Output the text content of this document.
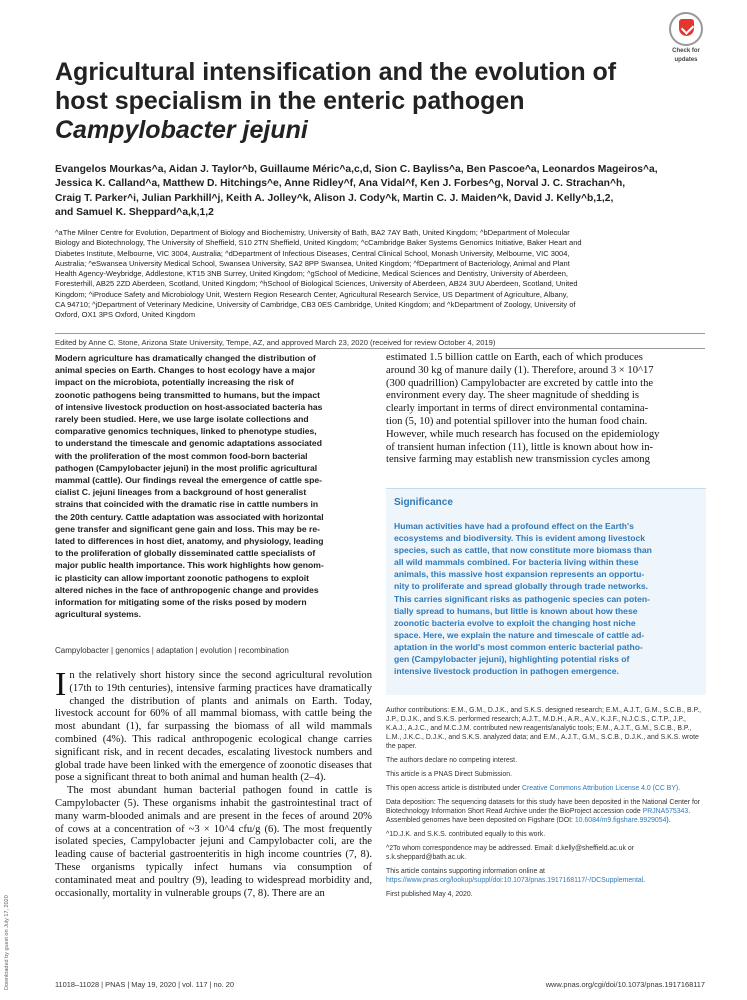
Downloaded by guest on July 17, 2020
Check for
updates
Agricultural intensification and the evolution of
host specialism in the enteric pathogen
Campylobacter jejuni
Evangelos Mourkas^a, Aidan J. Taylor^b, Guillaume Méric^a,c,d, Sion C. Bayliss^a, Ben Pascoe^a, Leonardos Mageiros^a,
Jessica K. Calland^a, Matthew D. Hitchings^e, Anne Ridley^f, Ana Vidal^f, Ken J. Forbes^g, Norval J. C. Strachan^h,
Craig T. Parker^i, Julian Parkhill^j, Keith A. Jolley^k, Alison J. Cody^k, Martin C. J. Maiden^k, David J. Kelly^b,1,2,
and Samuel K. Sheppard^a,k,1,2
^aThe Milner Centre for Evolution, Department of Biology and Biochemistry, University of Bath, BA2 7AY Bath, United Kingdom; ^bDepartment of Molecular
Biology and Biotechnology, The University of Sheffield, S10 2TN Sheffield, United Kingdom; ^cCambridge Baker Systems Genomics Initiative, Baker Heart and
Diabetes Institute, Melbourne, VIC 3004, Australia; ^dDepartment of Infectious Diseases, Central Clinical School, Monash University, Melbourne, VIC 3004,
Australia; ^eSwansea University Medical School, Swansea University, SA2 8PP Swansea, United Kingdom; ^fDepartment of Bacteriology, Animal and Plant
Health Agency-Weybridge, Addlestone, KT15 3NB Surrey, United Kingdom; ^gSchool of Medicine, Medical Sciences and Dentistry, University of Aberdeen,
Foresterhill, AB25 2ZD Aberdeen, Scotland, United Kingdom; ^hSchool of Biological Sciences, University of Aberdeen, AB24 3UU Aberdeen, Scotland, United
Kingdom; ^iProduce Safety and Microbiology Unit, Western Region Research Center, Agricultural Research Service, US Department of Agriculture, Albany,
CA 94710; ^jDepartment of Veterinary Medicine, University of Cambridge, CB3 0ES Cambridge, United Kingdom; and ^kDepartment of Zoology, University of
Oxford, OX1 3PS Oxford, United Kingdom
Edited by Anne C. Stone, Arizona State University, Tempe, AZ, and approved March 23, 2020 (received for review October 4, 2019)
Modern agriculture has dramatically changed the distribution of
animal species on Earth. Changes to host ecology have a major
impact on the microbiota, potentially increasing the risk of
zoonotic pathogens being transmitted to humans, but the impact
of intensive livestock production on host-associated bacteria has
rarely been studied. Here, we use large isolate collections and
comparative genomics techniques, linked to phenotype studies,
to understand the timescale and genomic adaptations associated
with the proliferation of the most common food-born bacterial
pathogen (Campylobacter jejuni) in the most prolific agricultural
mammal (cattle). Our findings reveal the emergence of cattle spe-
cialist C. jejuni lineages from a background of host generalist
strains that coincided with the dramatic rise in cattle numbers in
the 20th century. Cattle adaptation was associated with horizontal
gene transfer and significant gene gain and loss. This may be re-
lated to differences in host diet, anatomy, and physiology, leading
to the proliferation of globally disseminated cattle specialists of
major public health importance. This work highlights how genom-
ic plasticity can allow important zoonotic pathogens to exploit
altered niches in the face of anthropogenic change and provides
information for mitigating some of the risks posed by modern
agricultural systems.
Campylobacter | genomics | adaptation | evolution | recombination

In the relatively short history since the second agricultural revolution (17th to 19th centuries), intensive farming practices have dramatically changed the distribution of plants and animals on Earth. Today, livestock account for 60% of all mammal biomass, with cattle being the most abundant (1), far surpassing the biomass of all wild mammals combined (4%). This radical anthropogenic ecological change carries significant risk, and in recent decades, escalating livestock numbers and global trade have been linked with the emergence of zoonotic diseases that pose a significant threat to both animal and human health (2–4).

The most abundant human bacterial pathogen found in cattle is Campylobacter (5). These organisms inhabit the gastrointestinal tract of many warm-blooded animals and are present in the feces of around 20% of cows at a concentration of ~3 × 10^4 cfu/g (6). The most frequently isolated species, Campylobacter jejuni and Campylobacter coli, are the leading cause of bacterial gastroenteritis in high income countries (7, 8). These organisms typically infect humans via consumption of contaminated meat and poultry (9), leading to widespread morbidity and, occasionally, mortality in vulnerable groups (7, 8). There are an

estimated 1.5 billion cattle on Earth, each of which produces
around 30 kg of manure daily (1). Therefore, around 3 × 10^17
(300 quadrillion) Campylobacter are excreted by cattle into the
environment every day. The sheer magnitude of shedding is
clearly important in terms of direct environmental contamina-
tion (5, 10) and potential spillover into the human food chain.
However, while much research has focused on the epidemiology
of transient human infection (11), little is known about how in-
tensive farming may establish new transmission cycles among
Significance

Human activities have had a profound effect on the Earth's

ecosystems and biodiversity. This is evident among livestock

species, such as cattle, that now constitute more biomass than

all wild mammals combined. For bacteria living within these

animals, this massive host expansion represents an opportu-

nity to proliferate and spread globally through trade networks.

This carries significant risks as pathogenic species can poten-

tially spread to humans, but little is known about how these

zoonotic bacteria evolve to exploit the changing host niche

space. Here, we explain the nature and timescale of cattle ad-

aptation in the world's most common enteric bacterial patho-

gen (Campylobacter jejuni), highlighting potential risks of

intensive livestock production in pathogen emergence.

Author contributions: E.M., G.M., D.J.K., and S.K.S. designed research; E.M., A.J.T., G.M., S.C.B., B.P., J.P., D.J.K., and S.K.S. performed research; A.J.T., M.D.H., A.R., A.V., K.J.F., N.J.C.S., C.T.P., J.P., K.A.J., A.J.C., and M.C.J.M. contributed new reagents/analytic tools; E.M., A.J.T., G.M., S.C.B., B.P., L.M., J.K.C., D.J.K., and S.K.S. analyzed data; and E.M., A.J.T., G.M., S.C.B., D.J.K., and S.K.S. wrote the paper.

The authors declare no competing interest.

This article is a PNAS Direct Submission.

This open access article is distributed under Creative Commons Attribution License 4.0 (CC BY).

Data deposition: The sequencing datasets for this study have been deposited in the National Center for Biotechnology Information Short Read Archive under the BioProject accession code PRJNA575343. Assembled genomes have been deposited on Figshare (DOI: 10.6084/m9.figshare.9929054).

^1D.J.K. and S.K.S. contributed equally to this work.

^2To whom correspondence may be addressed. Email: d.kelly@sheffield.ac.uk or s.k.sheppard@bath.ac.uk.

This article contains supporting information online at https://www.pnas.org/lookup/suppl/doi:10.1073/pnas.1917168117/-/DCSupplemental.

First published May 4, 2020.

11018–11028 | PNAS | May 19, 2020 | vol. 117 | no. 20	www.pnas.org/cgi/doi/10.1073/pnas.1917168117
